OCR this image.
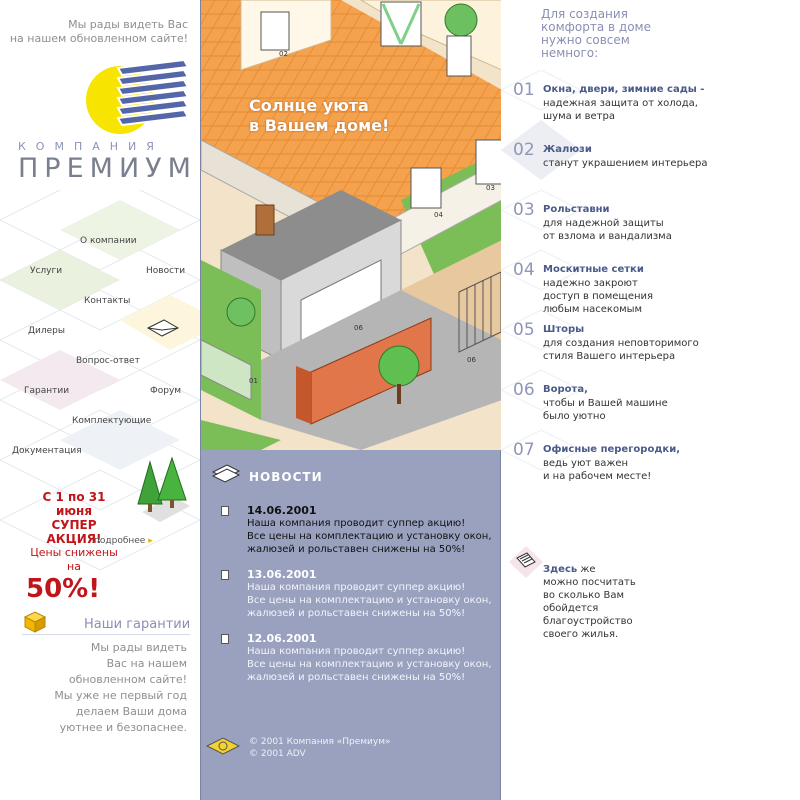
Мы рады видеть Вас
на нашем обновленном сайте!
КОМПАНИЯ
ПРЕМИУМ
О компании
Услуги	Новости
Контакты
Дилеры
Вопрос-ответ
Гарантии	Форум
Комплектующие
Документация
С 1 по 31 июня
СУПЕР АКЦИЯ!
Цены снижены на
50%!
подробнее ▸
Наши гарантии
Мы рады видеть
Вас на нашем
обновленном сайте!
Мы уже не первый год
делаем Ваши дома
уютнее и безопаснее.
02
03
04
06
06
01
Солнце уюта
в Вашем доме!
НОВОСТИ
14.06.2001
Наша компания проводит суппер акцию!
Все цены на комплектацию и установку окон,
жалюзей и рольставен снижены на 50%!
13.06.2001
Наша компания проводит суппер акцию!
Все цены на комплектацию и установку окон,
жалюзей и рольставен снижены на 50%!
12.06.2001
Наша компания проводит суппер акцию!
Все цены на комплектацию и установку окон,
жалюзей и рольставен снижены на 50%!
© 2001 Компания «Премиум»
© 2001 ADV
Для создания
комфорта в доме
нужно совсем
немного:
01 Окна, двери, зимние сады -
надежная защита от холода,
шума и ветра
02 Жалюзи
станут украшением интерьера
03 Рольставни
для надежной защиты
от взлома и вандализма
04 Москитные сетки
надежно закроют
доступ в помещения
любым насекомым
05 Шторы
для создания неповторимого
стиля Вашего интерьера
06 Ворота,
чтобы и Вашей машине
было уютно
07 Офисные перегородки,
ведь уют важен
и на рабочем месте!
Здесь же
можно посчитать
во сколько Вам
обойдется
благоустройство
своего жилья.
